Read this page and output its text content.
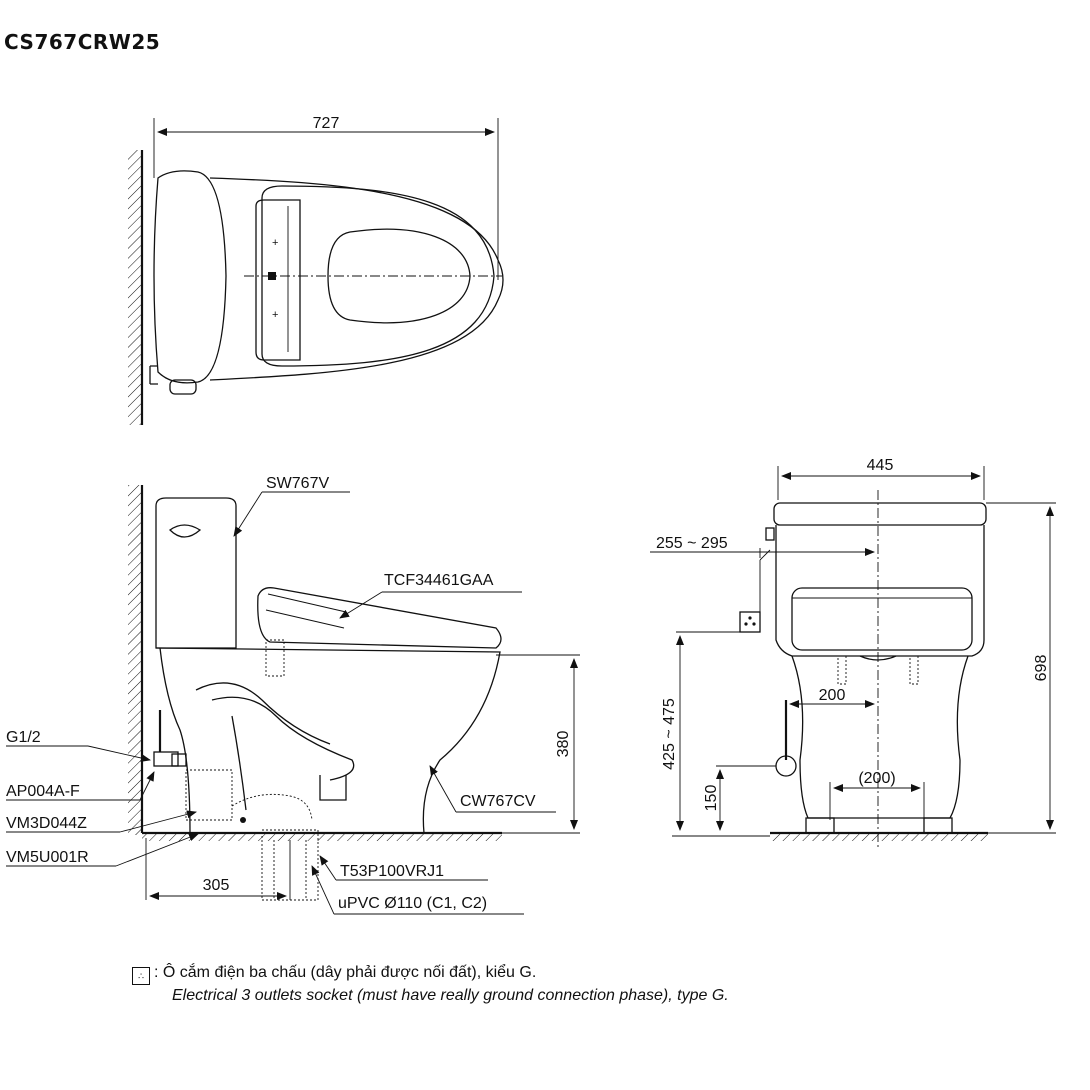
CS767CRW25
727
+
+
380
305
SW767V
TCF34461GAA
CW767CV
G1/2
AP004A-F
VM3D044Z
VM5U001R
T53P100VRJ1
uPVC Ø110 (C1, C2)
445
255 ~ 295
200
(200)
425 ~ 475
150
698
∴ : Ô cắm điện ba chấu (dây phải được nối đất), kiểu G.
Electrical 3 outlets socket (must have really ground connection phase), type G.
